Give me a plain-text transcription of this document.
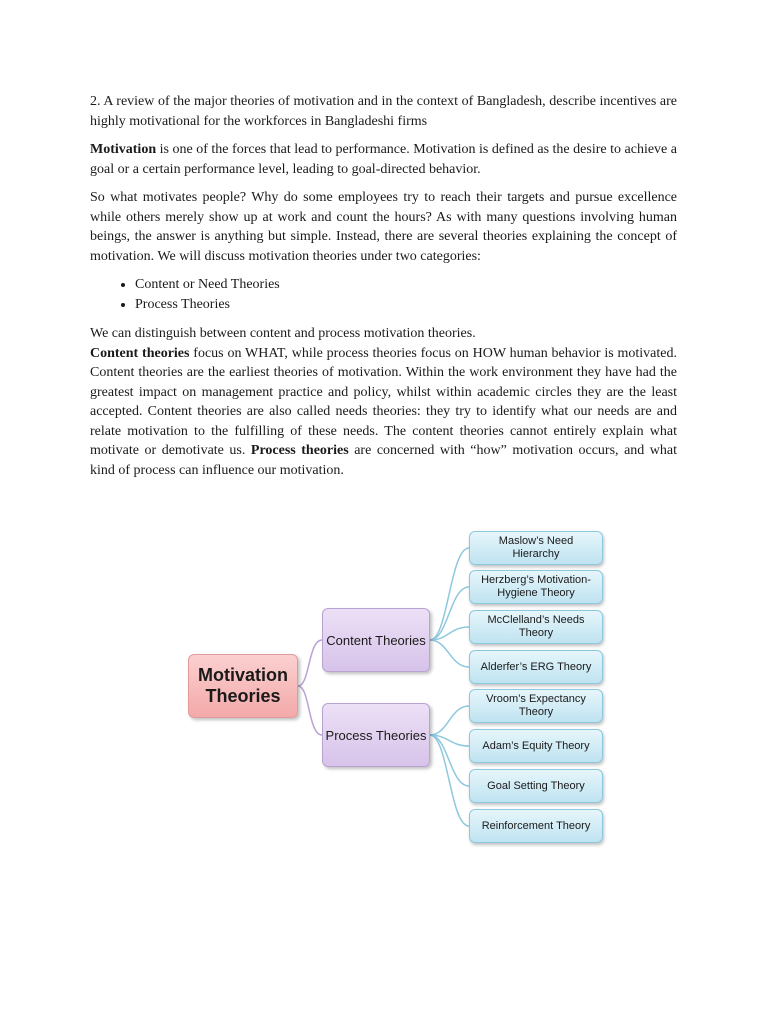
2. A review of the major theories of motivation and in the context of Bangladesh, describe incentives are highly motivational for the workforces in Bangladeshi firms

Motivation is one of the forces that lead to performance. Motivation is defined as the desire to achieve a goal or a certain performance level, leading to goal-directed behavior.

So what motivates people? Why do some employees try to reach their targets and pursue excellence while others merely show up at work and count the hours? As with many questions involving human beings, the answer is anything but simple. Instead, there are several theories explaining the concept of motivation. We will discuss motivation theories under two categories:

• Content or Need Theories
• Process Theories

We can distinguish between content and process motivation theories.

Content theories focus on WHAT, while process theories focus on HOW human behavior is motivated. Content theories are the earliest theories of motivation. Within the work environment they have had the greatest impact on management practice and policy, whilst within academic circles they are the least accepted. Content theories are also called needs theories: they try to identify what our needs are and relate motivation to the fulfilling of these needs. The content theories cannot entirely explain what motivate or demotivate us. Process theories are concerned with “how” motivation occurs, and what kind of process can influence our motivation.

Motivation Theories
Content Theories
Process Theories
Maslow’s Need Hierarchy
Herzberg’s Motivation-Hygiene Theory
McClelland’s Needs Theory
Alderfer’s ERG Theory
Vroom’s Expectancy Theory
Adam’s Equity Theory
Goal Setting Theory
Reinforcement Theory
